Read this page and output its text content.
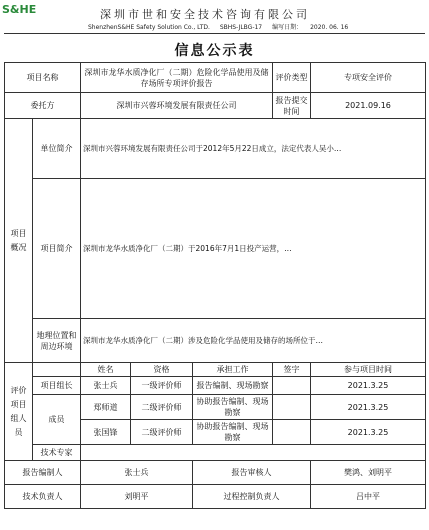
S&HE	深圳市世和安全技术咨询有限公司
ShenzhenS&HE Safety Solution Co., LTD. SBHS-JLBG-17 编写日期： 2020. 06. 16
信息公示表
项目名称		深圳市龙华水质净化厂（二期）危险化学品使用及储存场所专项评价报告			评价类型	专项安全评价
委托方		深圳市兴蓉环境发展有限责任公司			报告提交时间	2021.09.16
项目概况	单位简介	深圳市兴蓉环境发展有限责任公司于2012年5月22日成立，法定代表人吴小…				
	项目简介	深圳市龙华水质净化厂（二期）于2016年7月1日投产运营，…				
	地理位置和周边环境	深圳市龙华水质净化厂（二期）涉及危险化学品使用及储存的场所位于…				
评价项目组人员		姓名	资格	承担工作	签字	参与项目时间
	项目组长	张士兵	一级评价师	报告编制、现场勘察		2021.3.25
	成员	郑师道	二级评价师	协助报告编制、现场勘察		2021.3.25
		张国锋	二级评价师	协助报告编制、现场勘察		2021.3.25
	技术专家					
报告编制人		张士兵		报告审核人		樊鸿、刘明平
技术负责人		刘明平		过程控制负责人		吕中平
